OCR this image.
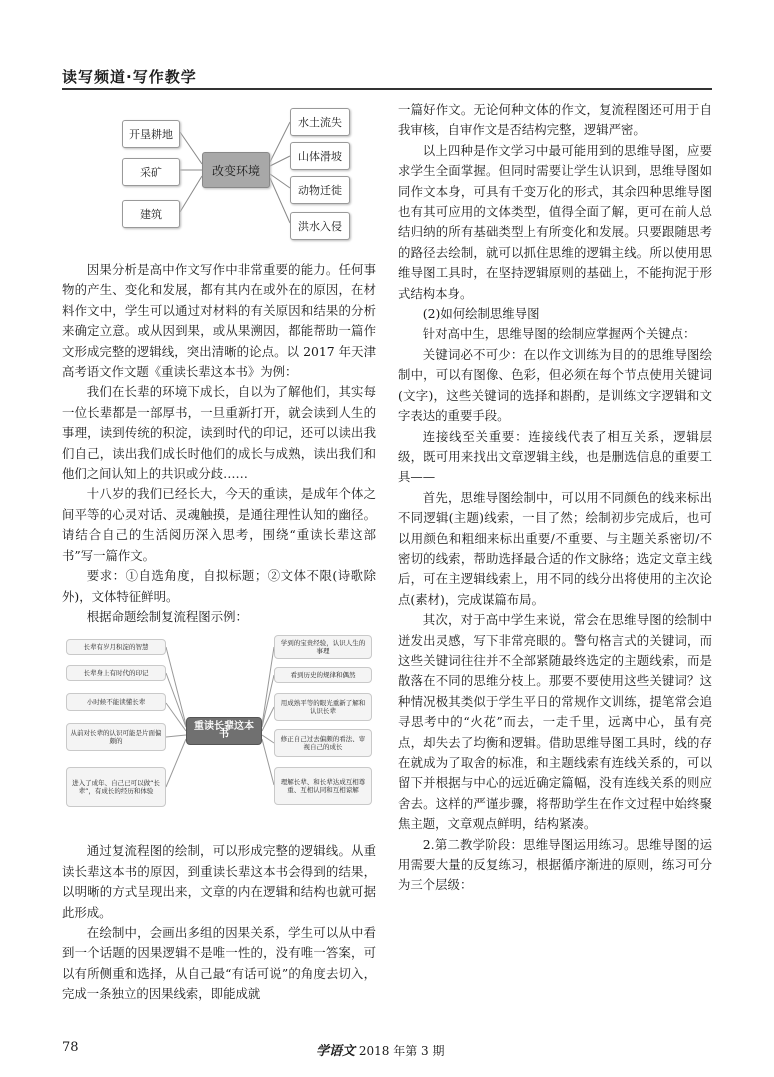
读写频道·写作教学
开垦耕地
采矿
建筑
改变环境
水土流失
山体滑坡
动物迁徙
洪水入侵

因果分析是高中作文写作中非常重要的能力。任何事物的产生、变化和发展，都有其内在或外在的原因，在材料作文中，学生可以通过对材料的有关原因和结果的分析来确定立意。或从因到果，或从果溯因，都能帮助一篇作文形成完整的逻辑线，突出清晰的论点。以 2017 年天津高考语文作文题《重读长辈这本书》为例：

我们在长辈的环境下成长，自以为了解他们，其实每一位长辈都是一部厚书，一旦重新打开，就会读到人生的事理，读到传统的积淀，读到时代的印记，还可以读出我们自己，读出我们成长时他们的成长与成熟，读出我们和他们之间认知上的共识或分歧……

十八岁的我们已经长大，今天的重读，是成年个体之间平等的心灵对话、灵魂触摸，是通往理性认知的幽径。请结合自己的生活阅历深入思考，围绕“重读长辈这部书”写一篇作文。

要求：①自选角度，自拟标题；②文体不限(诗歌除外)，文体特征鲜明。

根据命题绘制复流程图示例：

长辈有岁月积淀的智慧
长辈身上有时代的印记
小时候不能读懂长辈
从前对长辈的认识可能是片面偏颇的
进入了成年、自己已可以做“长辈”，有成长的经历和体验
重读长辈这本书
学到的宝贵经验，认识人生的事理
看到历史的规律和偶然
用成熟平等的眼光重新了解和认识长辈
修正自己过去偏颇的看法、审视自己的成长
理解长辈、和长辈达成互相尊重、互相认同和互相谅解

通过复流程图的绘制，可以形成完整的逻辑线。从重读长辈这本书的原因，到重读长辈这本书会得到的结果，以明晰的方式呈现出来，文章的内在逻辑和结构也就可据此形成。

在绘制中，会画出多组的因果关系，学生可以从中看到一个话题的因果逻辑不是唯一性的，没有唯一答案，可以有所侧重和选择，从自己最“有话可说”的角度去切入，完成一条独立的因果线索，即能成就

一篇好作文。无论何种文体的作文，复流程图还可用于自我审核，自审作文是否结构完整，逻辑严密。

以上四种是作文学习中最可能用到的思维导图，应要求学生全面掌握。但同时需要让学生认识到，思维导图如同作文本身，可具有千变万化的形式，其余四种思维导图也有其可应用的文体类型，值得全面了解，更可在前人总结归纳的所有基础类型上有所变化和发展。只要跟随思考的路径去绘制，就可以抓住思维的逻辑主线。所以使用思维导图工具时，在坚持逻辑原则的基础上，不能拘泥于形式结构本身。

(2)如何绘制思维导图

针对高中生，思维导图的绘制应掌握两个关键点：

关键词必不可少：在以作文训练为目的的思维导图绘制中，可以有图像、色彩，但必须在每个节点使用关键词(文字)，这些关键词的选择和斟酌，是训练文字逻辑和文字表达的重要手段。

连接线至关重要：连接线代表了相互关系，逻辑层级，既可用来找出文章逻辑主线，也是删选信息的重要工具——

首先，思维导图绘制中，可以用不同颜色的线来标出不同逻辑(主题)线索，一目了然；绘制初步完成后，也可以用颜色和粗细来标出重要/不重要、与主题关系密切/不密切的线索，帮助选择最合适的作文脉络；选定文章主线后，可在主逻辑线索上，用不同的线分出将使用的主次论点(素材)，完成谋篇布局。

其次，对于高中学生来说，常会在思维导图的绘制中迸发出灵感，写下非常亮眼的。警句格言式的关键词，而这些关键词往往并不全部紧随最终选定的主题线索，而是散落在不同的思维分枝上。那要不要使用这些关键词？这种情况极其类似于学生平日的常规作文训练，提笔常会追寻思考中的“火花”而去，一走千里，远离中心，虽有亮点，却失去了均衡和逻辑。借助思维导图工具时，线的存在就成为了取舍的标准，和主题线索有连线关系的，可以留下并根据与中心的远近确定篇幅，没有连线关系的则应舍去。这样的严谨步骤，将帮助学生在作文过程中始终聚焦主题，文章观点鲜明，结构紧凑。

2.第二教学阶段：思维导图运用练习。思维导图的运用需要大量的反复练习，根据循序渐进的原则，练习可分为三个层级：

78	学语文 2018 年第 3 期
